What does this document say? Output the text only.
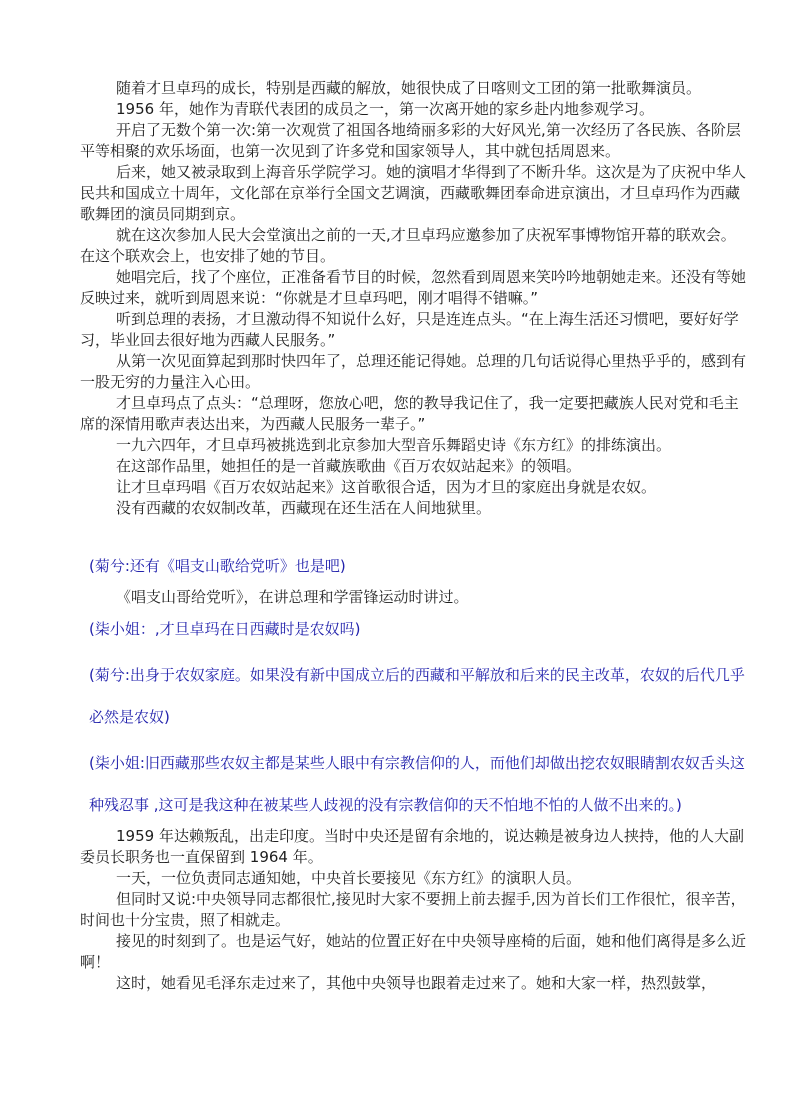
随着才旦卓玛的成长，特别是西藏的解放，她很快成了日喀则文工团的第一批歌舞演员。

1956 年，她作为青联代表团的成员之一，第一次离开她的家乡赴内地参观学习。

开启了无数个第一次:第一次观赏了祖国各地绮丽多彩的大好风光,第一次经历了各民族、各阶层平等相聚的欢乐场面，也第一次见到了许多党和国家领导人，其中就包括周恩来。

后来，她又被录取到上海音乐学院学习。她的演唱才华得到了不断升华。这次是为了庆祝中华人民共和国成立十周年，文化部在京举行全国文艺调演，西藏歌舞团奉命进京演出，才旦卓玛作为西藏歌舞团的演员同期到京。

就在这次参加人民大会堂演出之前的一天,才旦卓玛应邀参加了庆祝军事博物馆开幕的联欢会。在这个联欢会上，也安排了她的节目。

她唱完后，找了个座位，正准备看节目的时候，忽然看到周恩来笑吟吟地朝她走来。还没有等她反映过来，就听到周恩来说：“你就是才旦卓玛吧，刚才唱得不错嘛。”

听到总理的表扬，才旦激动得不知说什么好，只是连连点头。“在上海生活还习惯吧，要好好学习，毕业回去很好地为西藏人民服务。”

从第一次见面算起到那时快四年了，总理还能记得她。总理的几句话说得心里热乎乎的，感到有一股无穷的力量注入心田。

才旦卓玛点了点头：“总理呀，您放心吧，您的教导我记住了，我一定要把藏族人民对党和毛主席的深情用歌声表达出来，为西藏人民服务一辈子。”

一九六四年，才旦卓玛被挑选到北京参加大型音乐舞蹈史诗《东方红》的排练演出。

在这部作品里，她担任的是一首藏族歌曲《百万农奴站起来》的领唱。

让才旦卓玛唱《百万农奴站起来》这首歌很合适，因为才旦的家庭出身就是农奴。

没有西藏的农奴制改革，西藏现在还生活在人间地狱里。

(菊兮:还有《唱支山歌给党听》也是吧)

《唱支山哥给党听》，在讲总理和学雷锋运动时讲过。

(柒小姐：,才旦卓玛在日西藏时是农奴吗)

(菊兮:出身于农奴家庭。如果没有新中国成立后的西藏和平解放和后来的民主改革，农奴的后代几乎必然是农奴)

(柒小姐:旧西藏那些农奴主都是某些人眼中有宗教信仰的人，而他们却做出挖农奴眼睛割农奴舌头这种残忍事 ,这可是我这种在被某些人歧视的没有宗教信仰的天不怕地不怕的人做不出来的。)

1959 年达赖叛乱，出走印度。当时中央还是留有余地的，说达赖是被身边人挟持，他的人大副委员长职务也一直保留到 1964 年。

一天，一位负责同志通知她，中央首长要接见《东方红》的演职人员。

但同时又说:中央领导同志都很忙,接见时大家不要拥上前去握手,因为首长们工作很忙，很辛苦，时间也十分宝贵，照了相就走。

接见的时刻到了。也是运气好，她站的位置正好在中央领导座椅的后面，她和他们离得是多么近啊！

这时，她看见毛泽东走过来了，其他中央领导也跟着走过来了。她和大家一样，热烈鼓掌，
